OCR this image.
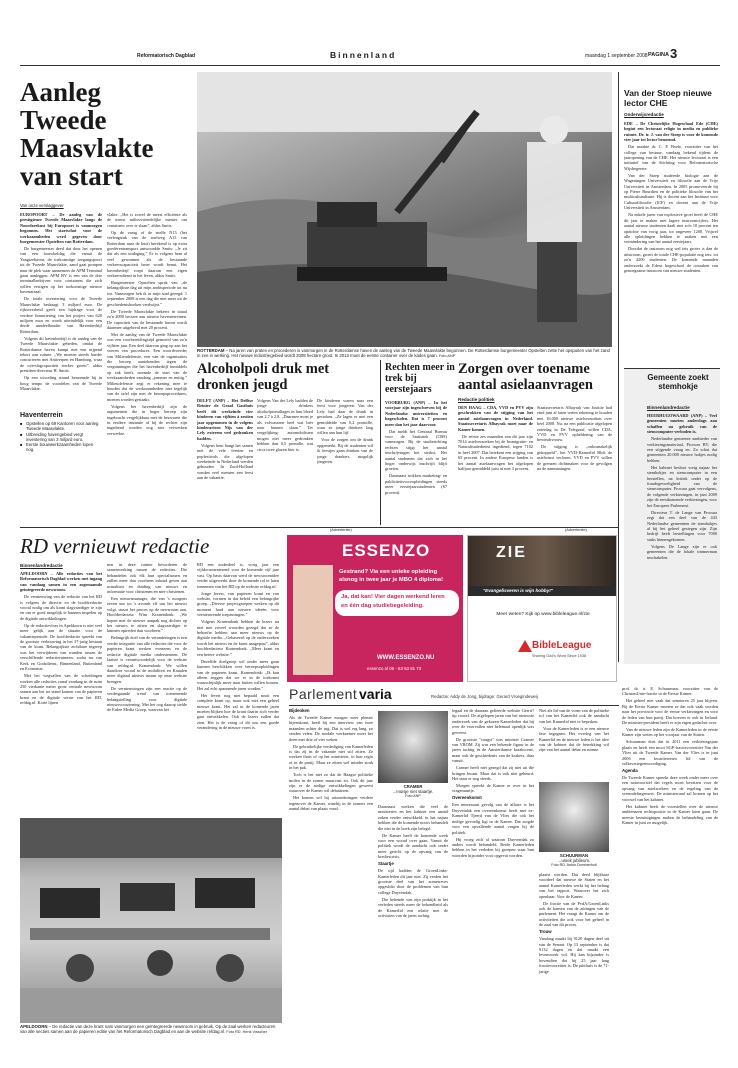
Reformatorisch Dagblad	Binnenland	maandag 1 september 2008 PAGINA 3
Aanleg Tweede Maasvlakte van start
Van onze verslaggever

EUROPOORT – De aanleg van de prestigieuze Tweede Maasvlakte langs de Noordzeekust bij Europoort is vanmorgen begonnen. Het startschot voor de werkzaamheden werd gegeven door burgemeester Opstelten van Rotterdam.

De burgemeester deed dat door het openen van een bouwkeldag die vanuit de Yangtzehaven, de toekomstige toegangspoort tot de Tweede Maasvlakte, zand gaat pompen naar de plek waar aannemers de APM Terminal gaan aanleggen. APM BV is een van de drie terminalbedrijven voor containers die zich willen vestigen op het toekomstige nieuwe havenareaal.

De totale investering voor de Tweede Maasvlakte bedraagt 3 miljard euro. De rijksoverheid geeft een bijdrage voor de verdere financiering van het project van 620 miljoen euro en wordt uiteindelijk voor een derde aandeelhouder van Havenbedrijf Rotterdam.

Volgens dit havenbedrijf is de aanleg van de Tweede Maasvlakte gebeden, omdat de Rotterdamse haven kampt met een nijpend tekort aan ruimte. „We moeten steeds harder concurreren met Antwerpen en Hamburg, waar de overslagcapaciteit sterker groeit”, aldus president-directeur H. Smits.

Op een wisseling strand benoemde hij in hoog tempo de voordelen van de Tweede Maasvlakte.

vlakte. „Het is zowel de meest efficiënte als de meest milieuvriendelijke manier om containers over te slaan”, aldus Smits.

Op de vraag of de snelle N15 (het verlengstuk van de snelweg A15 van Rotterdam naar de kust) berekend is op extra goederentransport antwoordde Smits: „Je zit dat als een uitdaging.” Er is volgens hem al veel gewonnen als de bestaande verkeerscapaciteit beter wordt benut. Het havenbedrijf roept daarom een eigen verkeersdienst in het leven, aldus Smits.

Burgemeester Opstelten sprak van „de belangrijkste dag uit mijn ambtsperiode tot nu toe. Vanmorgen heb ik in mijn stad gezegd: 1 september 2008 is een dag die niet meer uit de geschiedenisboeken verdwijnt.”

De Tweede Maasvlakte bekeert in totaal zo'n 2000 hectare aan nieuwe haventerreinen. De capaciteit van de bestaande haven wordt daarmee uitgebreid met 20 procent.

Met de aanleg van de Tweede Maasvlakte was een voorbereidingstijd gemoeid van zo'n vijftien jaar. Een deel daarvan ging op aan het voeren van procedures. Een woordvoerder van Milieudefensie, een van de organisaties die beroep aantekenden tegen de vergunningen die het havenbedrijf inmiddels op zak heeft, noemde de start van de werkzaamheden vandaag „jammer en nuttig.” Milieudefensie zegt er rekening mee te houden dat de werkzaamheden niet tegelijk van de tafel zijn met de beroepsprocedures, moeten worden gestaakt.

Volgens het havenbedrijf zijn de argumenten die in hoger beroep zijn ingebracht vergelijkbaar met de bezwaren die in eerdere instantie al bij de rechter zijn ingediend worden nog niet verwerken verwerkte.

Haventerrein
■ Opstellen op 69 Kantoren voor aanleg Tweede Maasvlakte.
■ Uitbreiding havengebied vergt investering van 3 miljard euro.
■ Eerste bouwwerkzaamheden lopen nog.
ROTTERDAM – Na jaren van praten en procederen is vanmorgen in de Rotterdamse haven de aanleg van de Tweede Maasvlakte begonnen. De Rotterdamse burgemeester Opstelten zette het opspuiten van het zand in zee in werking. Het nieuwe industriegebied wordt 2008 hectare groot. In 2013 moet de eerste container over de kades gaan. Foto ANP
Alcoholpoli druk met dronken jeugd

DELFT (ANP) – Het Delftse Reinier de Graaf Gasthuis heeft dit weekeinde vier kinderen van vijftien à zestien jaar opgenomen in de volgens kinderartsen Nijs van der Lely extreem veel gedronken hadden.

Volgens hem hangt het samen met de vele feesten en popfestivals die afgelopen weekeinde in Nederland werden gehouden. In Zuid-Holland vonden veel mensen een feest aan de vakantie.

Volgens Van der Lely hadden de jonge drinkers alcoholpromillages in hun bloed van 2,7 à 2,8. „Daarmee moet je als volwassene heel wat bier naar binnen slaan.” Ter vergelijking: automobilisten mogen niet meer gedronken hebben dan 0,5 promille, wat circa twee glazen bier is.

De kinderen waren naar een feest voor jongeren. Van der Lely had daar de drank in gestoken. „Ze lagen er met een gemiddelde van 0,2 promille, waar ze jonge drinkers laag willen aan hun lijf.

Voor de zorgen om de drank opgemerkt. Bij de studenten wil ik feestjes gaan drinken van de jonge drankers mogelijk jongeren.

Rechten meer in trek bij eerstejaars

VOORBURG (ANP) – In het voorjaar zijn ingeschreven bij de Nederlandse universiteiten en hogescholen. Dat is 7 procent meer dan het jaar daarvoor.

Dat meldt het Centraal Bureau voor de Statistiek (CBS) vanmorgen. Bij de studierichting rechten stijgt het aantal inschrijvingen het sterkst. Het aantal studenten dat zich in het hoger onderwijs inschrijft blijft groeien.

Daarnaast trokken marketing- en publiciteitsvooropleidingen steeds meer eerstejaarsstudenten (67 procent).

Zorgen over toename aantal asielaanvragen
Redactie politiek

DEN HAAG – CDA, VVD en PVV zijn geschrokken van de stijging van het aantal asielaanvragen in Nederland. Staatssecretaris Albayrak moet naar de Kamer komen.

De eerste zes maanden van dit jaar zijn 7014 asielverzoeken bij de Immigratie- en Naturalisatiedienst ingediend, tegen 7102 in heel 2007. Dat betekent een stijging van 65 procent. In andere Europese landen is het aantal asielaanvragen het afgelopen halfjaar gemiddeld juist af met 3 procent.

Staatssecretaris Albayrak van Justitie had eind juni al laten weten rekening te houden met 16.000 nieuwe asielverzoeken over heel 2008. Nu, na een publicatie afgelopen zaterdag in De Telegraaf, willen CDA, VVD en PVV opheldering van de bewindsvrouw.

De stijging is „onlosmakelijk gekoppeld”, het VVD-Kamerlid Blok de asielwinst verloren. VVD en PVV willen de grenzen dichtmaken voor de gevolgen na de aanmaningen.

Van der Stoep nieuwe lector CHE
Onderwijsredactie

EDE – De Christelijke Hogeschool Ede (CHE) begint een lectoraat religie in media en publieke ruimte. Dr. ir. J. van der Stoep is voor de komende vier jaar tot lector benoemd.

Dat maakte dr. C. P. Boele, voorzitter van het college van bestuur, vandaag bekend tijdens de jaaropening van de CHE. Het nieuwe lectoraat is een initiatief van de Stichting voor Reformatorische Wijsbegeerte.

Van der Stoep studeerde biologie aan de Wageningen Universiteit en filosofie aan de Vrije Universiteit in Amsterdam. In 2005 promoveerde hij op Pierre Bourdieu en de politieke filosofie van het multiculturalisme. Hij is docent aan het Instituut voor Cultuurfilosofie (ICF) en docent aan de Vrije Universiteit in Amsterdam.

Na enkele jaren van explosieve groei heeft de CHE dit jaar te maken met lagere instroomcijfers. Het aantal nieuwe studenten daalt met zo'n 10 procent ten opzichte van vorig jaar, tot ongeveer 1200. Vrijwel alle opleidingen hebben te maken met een vermindering van het aantal eerstejaars.

Doordat de instroom nog wel iets groter is dan de uitstroom, groeit de totale CHE-populatie nog iets: tot zo'n 4200 studenten. De komende maanden onderzoekt de Edese hogeschool de oorzaken van genoegzame instroom van nieuwe studenten.

Gemeente zoekt stemhokje
Binnenlandredactie

HEERHUGOWAARD (ANP) – Veel gemeenten moeten anderdags aan schaffen na gebruik van de stemcomputer verboden is.

Nederlandse gemeente aanbieder van verkiezingsmateriaal, Procura BV, die een stijgende vraag en. Zo schat dat gemeenten 20.000 nieuwe hokjes nodig hebben.

Het kabinet besloot vorig najaar het stemhokjes en stemcomputer in een herstellen, na kritiek onder op de fraudegevoeligheid van de stemcomputer. Procura gaat vervolgens, de volgende verkiezingen, in juni 2009 zijn de eerstkomende verkiezingen, voor het Europees Parlement.

Directeur T. de Lange van Procura zegt dat een deel van de 443 Nederlandse gemeenten de stemhokjes al bij het geheel gestegen zijn. Zijn bedrijf heeft bestellingen voor 7000 stuks binnengekomen.

Volgens De Lange zijn er ook gemeenten die de lokale timmerman inschakelen.

RD vernieuwt redactie
Binnenlandredactie

APELDOORN – Alle redacties van het Reformatorisch Dagblad werken met ingang van vandaag samen in een zogenaamde geïntegreerde newsroom.

De vernieuwing van de redactie van het RD is volgens de directie en de hoofdredactie vooral nodig om als krant slagvaardiger te zijn en om er goed mogelijk te kunnen inspelen op de digitale ontwikkelingen.

Op de redactievloer in Apeldoorn is niet veel meer gelijk aan de situatie voor de vakantieperiode. De hoofdredactie spreekt van de grootste verbouwing in het 37-jarig bestaan van de krant. Belangrijkste zichtbare ingreep was het verwijderen van wanden tussen de verschillende redactieruimten, zodat nu van Kerk en Godsdienst, Binnenland, Buitenland en Economie.

Met het wegvallen van de scheidingen werken alle redacties vanaf vandaag in de ruim 250 vierkante meter grote centrale newsroom samen aan het tot stand komen van de papieren krant en de digitale versie van het RD, refdag.nl. Korte lijnen

nen in deze ruimte bevorderen de samenwerking tussen de redacties. Die behandelen ook elk hun specialismen en zullen meer dan voorheen inhoud geven aan actualiteit en duiding van nieuws en informatie voor christenen en niet-christenen.

Een nieuwsmanager, die van 's morgens zeven uur tot 's avonds elf uur het nieuws volgt, stuurt het proces op de newsroom aan. Hoofdredacteur Wim Kranendonk: „We hopen met de nieuwe aanpak nog dichter op het nieuws te zitten en slagvaardiger te kunnen optreden dan voorheen.”

Belangrijk doel van de veranderingen is een verder integratie van alle redacties die voor de papieren krant werken eveneens en de redactie digitale media ondersteunen. De laatste is verantwoordelijk voor de website van refdag.nl. Kranendonk: We willen daardoor vooral in de mobiliteit en Kanalen meer digitaal nieuws tussen op onze website brengen.

De vernieuwingen zijn een reactie op de verdergaande trend van toenemende belangstelling voor digitale nieuwsvoorziening. Met het oog daarop stelde de Erdee Media Groep, waarvan het

RD een onderdeel is, vorig jaar een vijfdocumenterend voor de komende vijf jaar vast. Op basis daarvan werd de newsroomidee verder uitgewerkt door de komende rol te laten toenemen van het RD op de website refdag.nl.

Jonge lezers, van papieren krant en van website, vormen in dat beleid een belangrijke groep. „Diverse projectgroepen werken op dit moment hard aan nieuwe ideeën voor vernieuwende toepassingen.”

Volgens Kranendonk hebben de lezers nu niet met zoveel woorden gezegd dat ze de behoefte hebben aan meer nieuws op de digitale media. „Gebaseerd op de onderzoeken wordt het nieuws en de krant aangepast”, aldus hoofdredacteur Kranendonk. „Meer krant en een betere website.”

Dezelfde doelgroep wil onder meer gaan kunnen beschikken over beroepsopleidingen van de papieren krant. Kranendonk: „Ik kan alleen zeggen dat we er in de toekomst waarschijnlijk meer naar buiten willen komen. Het zal echt spannende jaren worden.”

Het levert nog niet bepaald nooit een complete krant op, maar ook niet een geheel nieuwe krant. Het zal in de komende jaren moeten blijken hoe de krant daarin zich verder gaat ontwikkelen. Ook de lezers zullen dat zien. Het is de vraag of dit ons een goede verandering in de nieuwe vorm is.

APELDOORN – De redactie van deze krant nam vanmorgen een geïntegreerde newsroom in gebruik. Op de zaal werken redacteuren van alle secties samen aan de papieren editie van het Reformatorisch Dagblad en aan de website refdag.nl. Foto RD, Henk Visscher
(Advertentie)
ESSENZO
Gestrand? Via een unieke opleiding
alsnog in twee jaar je MBO 4 diploma!
Ja, dat kan! Vier dagen werkend leren
en één dag studiebegeleiding.
WWW.ESSENZO.NU
essenzo.nl 06 - 53 63 81 73
(Advertentie)
ZIE
"Evangelisveren is wijn hobby!"
Meer weten? Kijk op www.bibleleague.nl/zie
BibleLeague
Sharing God's Word Since 1938
Parlement varia	Redactie: Addy de Jong, bijdrage: Gerard Vroegindeweij

Bijdenken

Als de Tweede Kamer morgen weer plenair bijeenkomt, heeft hij een interview van twee maanden achter de rug. Dat is wel erg lang, zo vinden velen. De modale werknemer moet het doen met drie of vier weken.

De gebruikelijke verdediging van Kamerleden is dat zij in de vakantie niet stil zitten. Ze werken thuis of op het ministerie, in hun regio of in de partij. Maar ze zitten wel minder strak in het pak.

Toch is het niet zo dat de Haagse politieke molen in de zomer muurvast zit. Ook dit jaar zijn er de nodige ontwikkelingen geweest waarover de Kamer wil debatteren.

Het komen wil bij uitzonderingen verdere tegenover de Kamer, waarbij in de zomers een aantal debat van plaats vond.

CRAMER
...muisje niet staartje.
Foto ANP

Daarnaast werken die veel de ministeries en het kabinet een aantal zaken verder ontwikkeld, in het najaar hebben die de komende nota's behandelt die niet in de hoek zijn belegd.

De Kamer heeft de komende week voor een woord over gaan. Vanuit de politiek wordt de aandacht ook onder meer gericht op de opvang van de kredietcrisis.

Staartje

De tijd hadden de GroenLinks-Kamerleden dit jaar niet. Zij verden het grootste deel van het zomerreces opgeslokt door de problemen van hun collega Duyvendak.

Die bekende van zijn praktijk in het verleden steeds meer de bekendheid als de Kamerlid een relatie met de activisten van de jaren tachtig.

legaal en de daaraan gelieerde website Gerrit?tip vooraf. De afgelopen jaren van het nieuwste onderzoek van de gekozen Kamerleden dat hij over de voorvallen niet helemaal openlijk was geweest.

De grootste "vangst" was minister Cramer van VROM. Zij was een bekende figuur in de jaren tachtig in de Amsterdamse kraakscene, maar ook de geschiedenis van de krakers, daar vanuit.

Cramer heeft niet gezegd dat zij niet uit die kringen kwam. Maar dat is ook niet gebeurd. Het staat er nog steeds.

Morgen spreekt de Kamer er over in het vragenuurtje.

Overeenkomst

Een interessant gevolg van de affaire is het Duyvendak een overeenkomst heeft met ex-Kamerlid Tjeerd van de Vlies die ook het nodige gevoelig ligt in de Kamer. Dat zorgde voor een opvallende aantal vragen bij de politiek.

Hij vroeg zich af waarom Duyvendak zo anders wordt behandeld. Beide Kamerleden hebben in het verleden bij groepen waar hun woorden bijzonder voor opgevat worden.	SCHUURMAN
...uniek jubileum.
Foto RD, Anton Dommerholt

Niet als lid van de vorm van de politieke rol van het Kamerlid ook de aandacht van het Kamerlid niet te beperken.

Voor de Kamerleden is er een nieuwe fase ingegaan. Het overleg van het Kamerlid en de nieuwe leden is het idee van de kabinet dat de betrekking wil zijn van het aantal debat en ruimte.

plaatst worden. Dat deed blijkbaar voordeel dat nieuwe de Staten en het aantal Kamerleden werkt bij het belang van het rapport. Waarover het zich openbaar. Voor de Kamer.

De fractie van de PvdA/GroenLinks ook de kansen van de zittingen van de parlement. Het vraagt de Kamer om de activiteiten die ook voor het geheel in de zaal van dit proces.

Trouw

Vandaag maakt hij 9120 dagen deel uit van de Senaat. Op 13 september is dat 9132 dagen en dat maakt een levenswerk vol. Hij kan bijzonder is bovendien dat hij 25 jaar lang fractievoorzitter is. De jubilaris is de 71-jarige

prof. dr. ir. E. Schuurman, voorzitter van de ChristenUnie-fractie in de Eerste Kamer.

Het geheel niet vaak dat senatoren 25 jaar blijven. Bij de Eerste Kamer moeten ze dat ook vaak worden naar het provincie voor de eerste verkiezingen en voor de leden van hun partij. Dat hoeven er ook in Ierland. De minister-president heeft er zijn eigen gedachte over.

Van de nieuwe leden zijn de Kamerleden in de eerste Kamer zijn weten op het voorjaar van de Staten.

Schuurman doet dat in 2011 een verkiezingsjaar plaats en heeft een mooi SGP-fractievoorzitter Van der Vlies uit de Tweede Kamer. Van der Vlies is in juni 2006 een kwartiereeuw lid van de volksvertegenwoordiging.

Agenda

De Tweede Kamer spreekt deze week onder meer over een notavoorstel dat regels moet bevatten voor de opvang van asielzoekers en de regeling van de vreemdelingenwet. De ministerraad zal komen op het voorstel van het kabinet.

Het kabinet heeft de voorstellen over de nieuwe ambtenaren rechtspositie in de Kamer laten gaan. De meeste bezuinigingen maken de behandeling van de Kamer in juni zo mogelijk.
